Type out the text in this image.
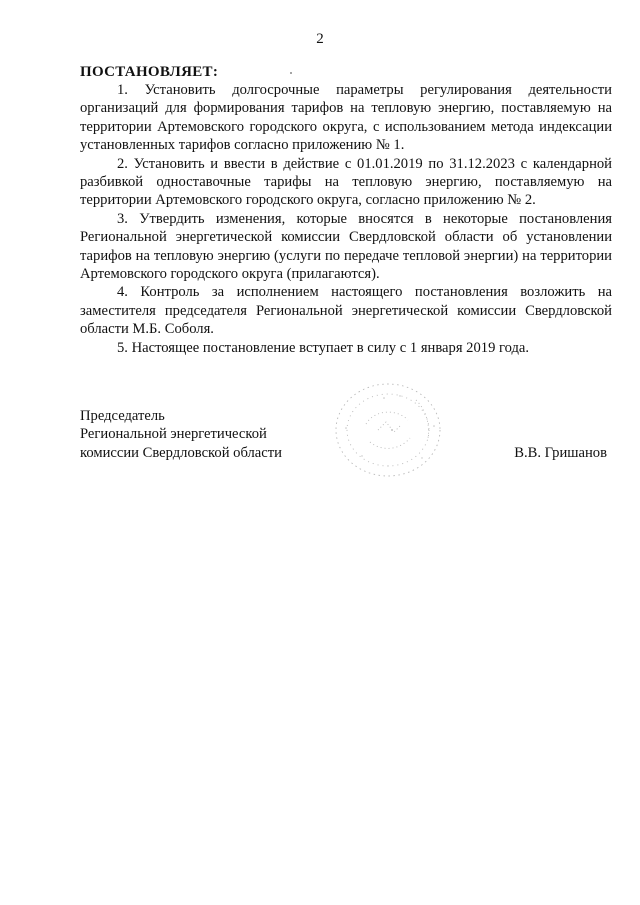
2
ПОСТАНОВЛЯЕТ:

1. Установить долгосрочные параметры регулирования деятельности организаций для формирования тарифов на тепловую энергию, поставляемую на территории Артемовского городского округа, с использованием метода индексации установленных тарифов согласно приложению № 1.

2. Установить и ввести в действие с 01.01.2019 по 31.12.2023 с календарной разбивкой одноставочные тарифы на тепловую энергию, поставляемую на территории Артемовского городского округа, согласно приложению № 2.

3. Утвердить изменения, которые вносятся в некоторые постановления Региональной энергетической комиссии Свердловской области об установлении тарифов на тепловую энергию (услуги по передаче тепловой энергии) на территории Артемовского городского округа (прилагаются).

4. Контроль за исполнением настоящего постановления возложить на заместителя председателя Региональной энергетической комиссии Свердловской области М.Б. Соболя.

5. Настоящее постановление вступает в силу с 1 января 2019 года.

Председатель
Региональной энергетической
комиссии Свердловской области	В.В. Гришанов
